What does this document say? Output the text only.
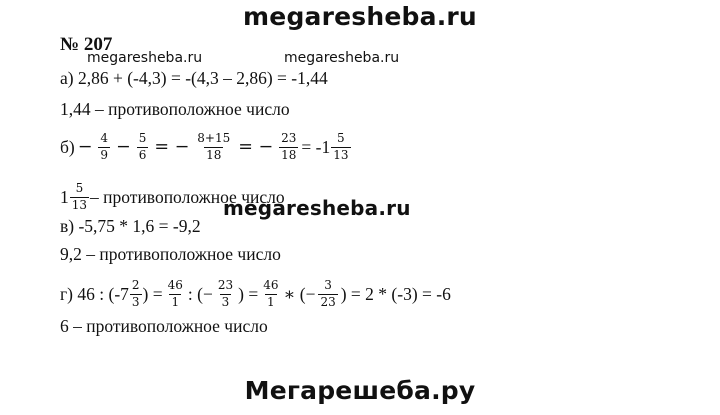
megaresheba.ru
megaresheba.ru	megaresheba.ru
№ 207
а) 2,86 + (-4,3) = -(4,3 – 2,86) = -1,44
1,44 – противоположное число
$б) - \frac{4}{9} - \frac{5}{6}$ = − $\frac{8+15}{18}$ = − $\frac{23}{18} = -1 \frac{5}{13}$
$1 \frac{5}{13}$ – противоположное число
megaresheba.ru
в) -5,75 * 1,6 = -9,2
9,2 – противоположное число
г) 46 : ($-7 \frac{2}{3}$ ) = $\frac{46}{1}$ : (− $\frac{23}{3}$ ) = $\frac{46}{1}$ ∗ (− $\frac{3}{23}$ ) = 2 * (-3) = -6
6 – противоположное число
Мегарешеба.ру
